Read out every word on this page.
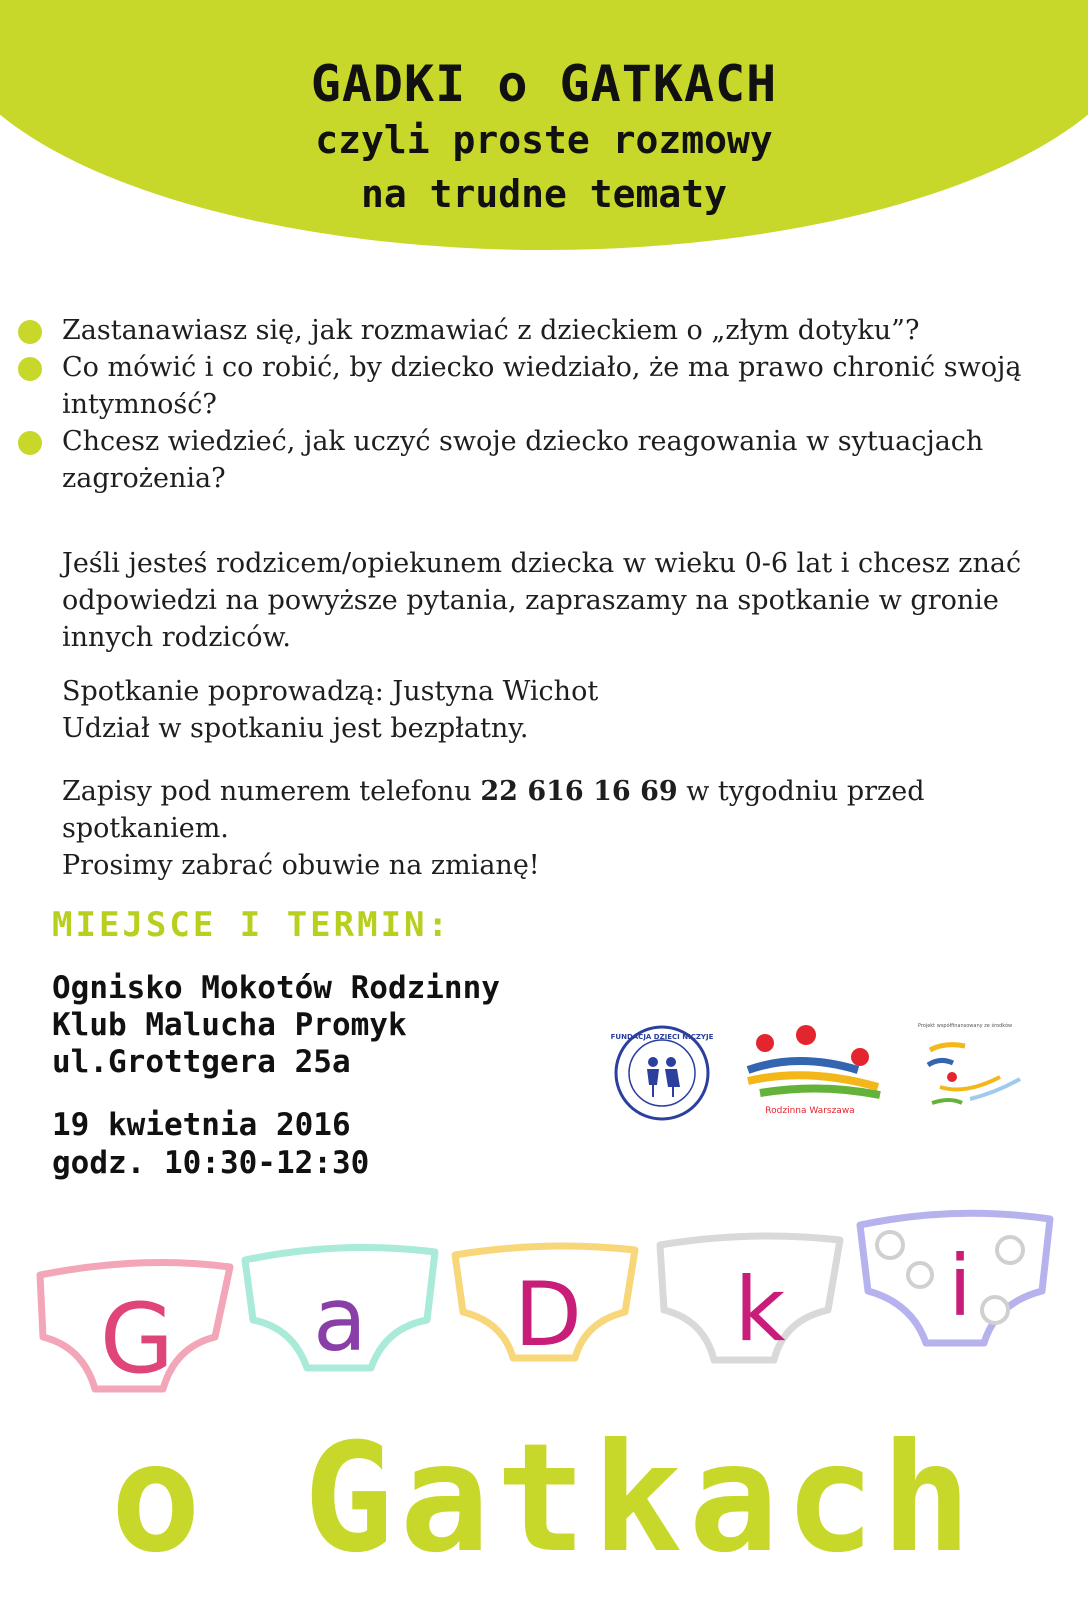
GADKI o GATKACH
czyli proste rozmowy
na trudne tematy
Zastanawiasz się, jak rozmawiać z dzieckiem o „złym dotyku”?
Co mówić i co robić, by dziecko wiedziało, że ma prawo chronić swoją intymność?
Chcesz wiedzieć, jak uczyć swoje dziecko reagowania w sytuacjach zagrożenia?
Jeśli jesteś rodzicem/opiekunem dziecka w wieku 0-6 lat i chcesz znać odpowiedzi na powyższe pytania, zapraszamy na spotkanie w gronie innych rodziców.
Spotkanie poprowadzą: Justyna Wichot
Udział w spotkaniu jest bezpłatny.
Zapisy pod numerem telefonu 22 616 16 69 w tygodniu przed spotkaniem.
Prosimy zabrać obuwie na zmianę!
MIEJSCE I TERMIN:
Ognisko Mokotów Rodzinny
Klub Malucha Promyk
ul.Grottgera 25a
19 kwietnia 2016
godz. 10:30-12:30
FUNDACJA DZIECI NICZYJE
Rodzinna Warszawa
Projekt współfinansowany ze środków
G a D k i
o Gatkach
